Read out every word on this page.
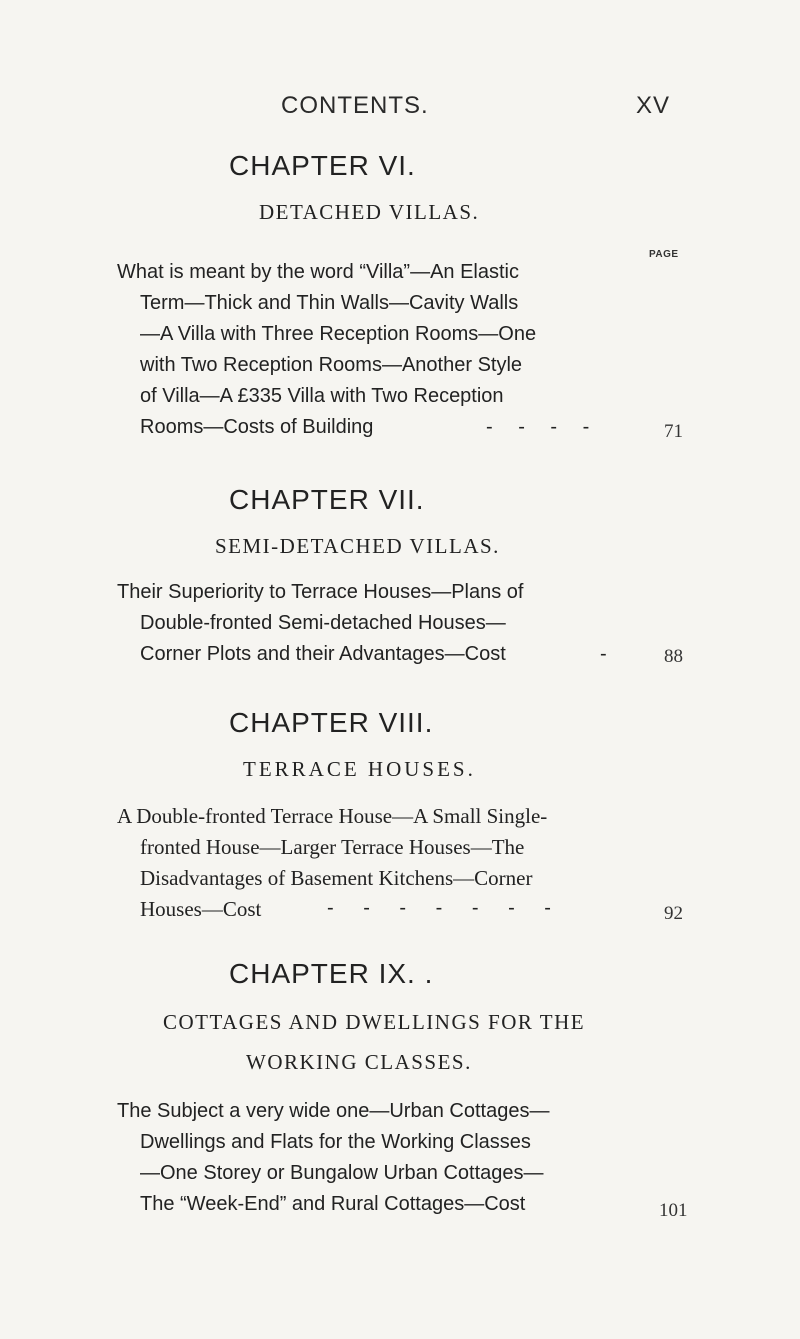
CONTENTS.	XV
PAGE
CHAPTER VI.
DETACHED VILLAS.
What is meant by the word “Villa”—An Elastic
Term—Thick and Thin Walls—Cavity Walls
—A Villa with Three Reception Rooms—One
with Two Reception Rooms—Another Style
of Villa—A £335 Villa with Two Reception
Rooms—Costs of Building	- - - -	71
CHAPTER VII.
SEMI-DETACHED VILLAS.
Their Superiority to Terrace Houses—Plans of
Double-fronted Semi-detached Houses—
Corner Plots and their Advantages—Cost	- 88
CHAPTER VIII.
TERRACE HOUSES.
A Double-fronted Terrace House—A Small Single-
fronted House—Larger Terrace Houses—The
Disadvantages of Basement Kitchens—Corner
Houses—Cost	- - - - - - -	92
CHAPTER IX. .
COTTAGES AND DWELLINGS FOR THE
WORKING CLASSES.
The Subject a very wide one—Urban Cottages—
Dwellings and Flats for the Working Classes
—One Storey or Bungalow Urban Cottages—
The “Week-End” and Rural Cottages—Cost	101
